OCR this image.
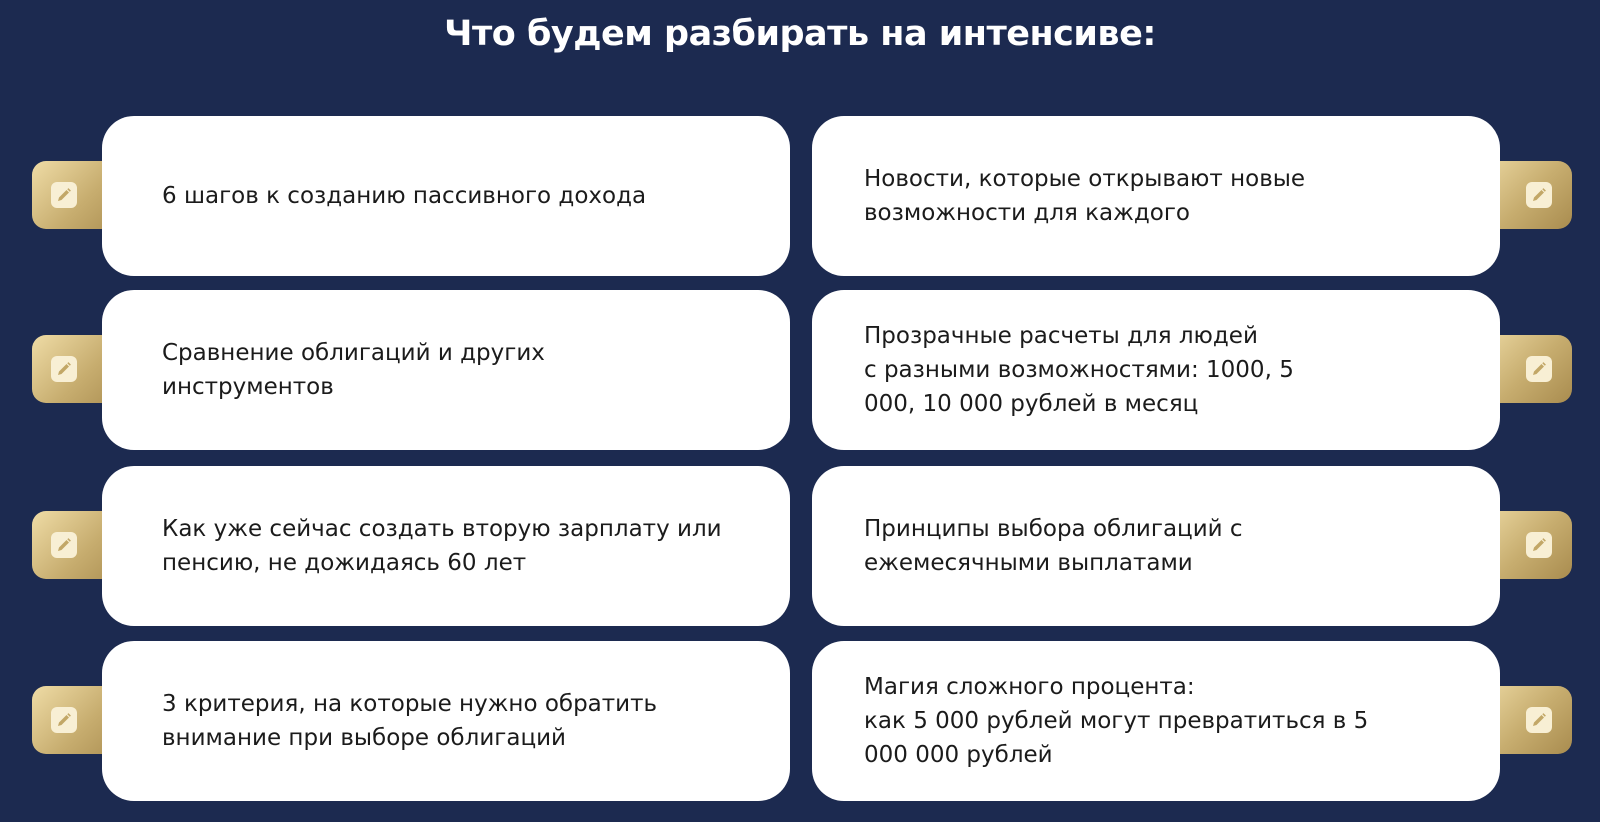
Что будем разбирать на интенсиве:

6 шагов к созданию пассивного дохода

Новости, которые открывают новые
возможности для каждого

Сравнение облигаций и других
инструментов

Прозрачные расчеты для людей
с разными возможностями: 1000, 5
000, 10 000 рублей в месяц

Как уже сейчас создать вторую зарплату или
пенсию, не дожидаясь 60 лет

Принципы выбора облигаций с
ежемесячными выплатами

3 критерия, на которые нужно обратить
внимание при выборе облигаций

Магия сложного процента:
как 5 000 рублей могут превратиться в 5
000 000 рублей
